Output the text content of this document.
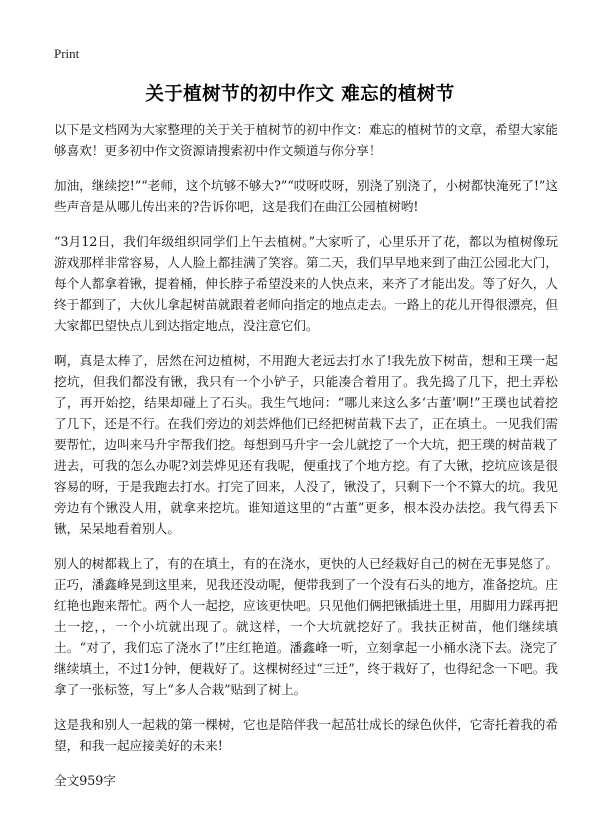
Print
关于植树节的初中作文 难忘的植树节

以下是文档网为大家整理的关于关于植树节的初中作文：难忘的植树节的文章，希望大家能够喜欢！更多初中作文资源请搜索初中作文频道与你分享！

加油，继续挖!”“老师，这个坑够不够大?”“哎呀哎呀，别浇了别浇了，小树都快淹死了!”这些声音是从哪儿传出来的?告诉你吧，这是我们在曲江公园植树哟!

“3月12日，我们年级组织同学们上午去植树。”大家听了，心里乐开了花，都以为植树像玩游戏那样非常容易，人人脸上都挂满了笑容。第二天，我们早早地来到了曲江公园北大门，每个人都拿着锹，提着桶，伸长脖子希望没来的人快点来，来齐了才能出发。等了好久，人终于都到了，大伙儿拿起树苗就跟着老师向指定的地点走去。一路上的花儿开得很漂亮，但大家都巴望快点儿到达指定地点，没注意它们。

啊，真是太棒了，居然在河边植树，不用跑大老远去打水了!我先放下树苗，想和王璞一起挖坑，但我们都没有锹，我只有一个小铲子，只能凑合着用了。我先捣了几下，把土弄松了，再开始挖，结果却碰上了石头。我生气地问：“哪儿来这么多‘古董’啊!”王璞也试着挖了几下，还是不行。在我们旁边的刘芸烨他们已经把树苗栽下去了，正在填土。一见我们需要帮忙，边叫来马升宇帮我们挖。每想到马升宇一会儿就挖了一个大坑，把王璞的树苗栽了进去，可我的怎么办呢?刘芸烨见还有我呢，便重找了个地方挖。有了大锹，挖坑应该是很容易的呀，于是我跑去打水。打完了回来，人没了，锹没了，只剩下一个不算大的坑。我见旁边有个锹没人用，就拿来挖坑。谁知道这里的“古董”更多，根本没办法挖。我气得丢下锹，呆呆地看着别人。

别人的树都栽上了，有的在填土，有的在浇水，更快的人已经栽好自己的树在无事晃悠了。正巧，潘鑫峰晃到这里来，见我还没动呢，便带我到了一个没有石头的地方，准备挖坑。庄红艳也跑来帮忙。两个人一起挖，应该更快吧。只见他们俩把锹插进土里，用脚用力踩再把土一挖，，一个小坑就出现了。就这样，一个大坑就挖好了。我扶正树苗，他们继续填土。“对了，我们忘了浇水了!”庄红艳道。潘鑫峰一听，立刻拿起一小桶水浇下去。浇完了继续填土，不过1分钟，便栽好了。这棵树经过“三迁”，终于栽好了，也得纪念一下吧。我拿了一张标签，写上“多人合栽”贴到了树上。

这是我和别人一起栽的第一棵树，它也是陪伴我一起茁壮成长的绿色伙伴，它寄托着我的希望，和我一起应接美好的未来!

全文959字
